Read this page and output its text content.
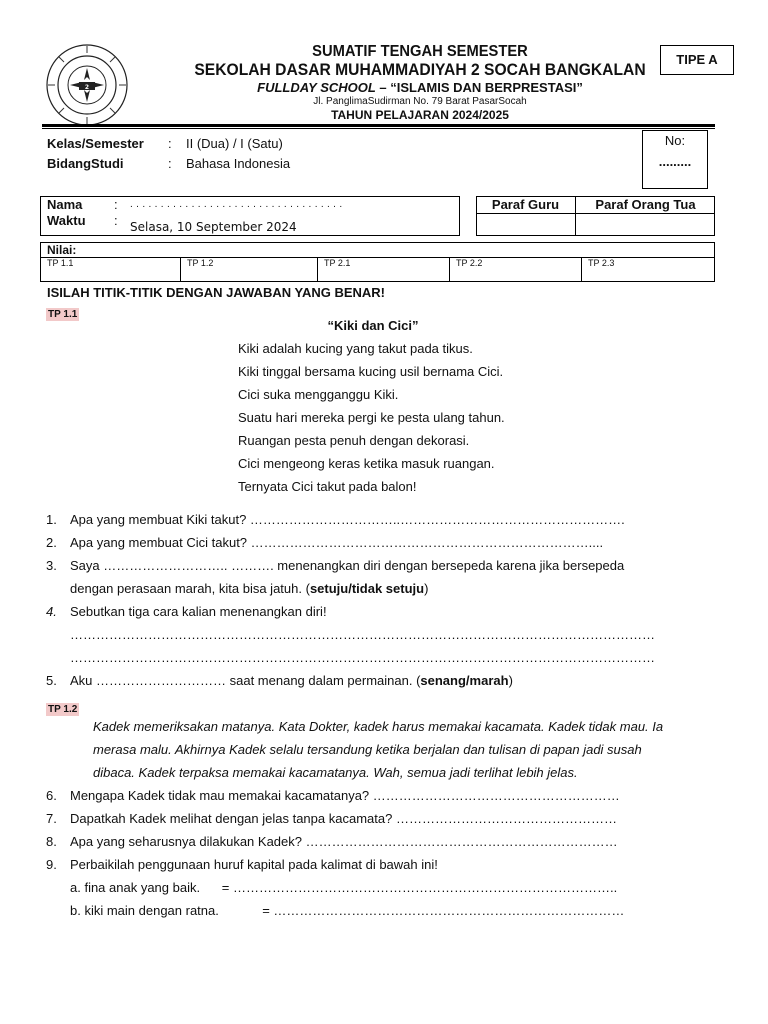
2
SUMATIF TENGAH SEMESTER
SEKOLAH DASAR MUHAMMADIYAH 2 SOCAH BANGKALAN
FULLDAY SCHOOL – “ISLAMIS DAN BERPRESTASI”
Jl. PanglimaSudirman No. 79 Barat PasarSocah
TAHUN PELAJARAN 2024/2025
TIPE A
Kelas/Semester : II (Dua) / I (Satu)
BidangStudi	: Bahasa Indonesia
No:
.........
Nama : . . . . . . . . . . . . . . . . . . . . . . . . . . . . . . . . . . .
Waktu : Selasa, 10 September 2024
Paraf Guru	Paraf Orang Tua
Nilai:
TP 1.1	TP 1.2	TP 2.1	TP 2.2	TP 2.3
ISILAH TITIK-TITIK DENGAN JAWABAN YANG BENAR!
TP 1.1
“Kiki dan Cici”
Kiki adalah kucing yang takut pada tikus.
Kiki tinggal bersama kucing usil bernama Cici.
Cici suka mengganggu Kiki.
Suatu hari mereka pergi ke pesta ulang tahun.
Ruangan pesta penuh dengan dekorasi.
Cici mengeong keras ketika masuk ruangan.
Ternyata Cici takut pada balon!
1. Apa yang membuat Kiki takut? ……………………………..…………………………………………….
2. Apa yang membuat Cici takut? ……………………………………………………………………....
3. Saya ……………………….. ………. menenangkan diri dengan bersepeda karena jika bersepeda
dengan perasaan marah, kita bisa jatuh. (setuju/tidak setuju)
4. Sebutkan tiga cara kalian menenangkan diri!
………………………………………………………………………………………………………………………
………………………………………………………………………………………………………………………
5. Aku ………………………… saat menang dalam permainan. (senang/marah)
TP 1.2
Kadek memeriksakan matanya. Kata Dokter, kadek harus memakai kacamata. Kadek tidak mau. Ia
merasa malu. Akhirnya Kadek selalu tersandung ketika berjalan dan tulisan di papan jadi susah
dibaca. Kadek terpaksa memakai kacamatanya. Wah, semua jadi terlihat lebih jelas.
6. Mengapa Kadek tidak mau memakai kacamatanya? …………………………………………………
7. Dapatkah Kadek melihat dengan jelas tanpa kacamata? ……………………………………………
8. Apa yang seharusnya dilakukan Kadek? ………………………………………………………………
9. Perbaikilah penggunaan huruf kapital pada kalimat di bawah ini!
a. fina anak yang baik.      = ……………………………………………………………………………..
b. kiki main dengan ratna.            = ………………………………………………………………………
